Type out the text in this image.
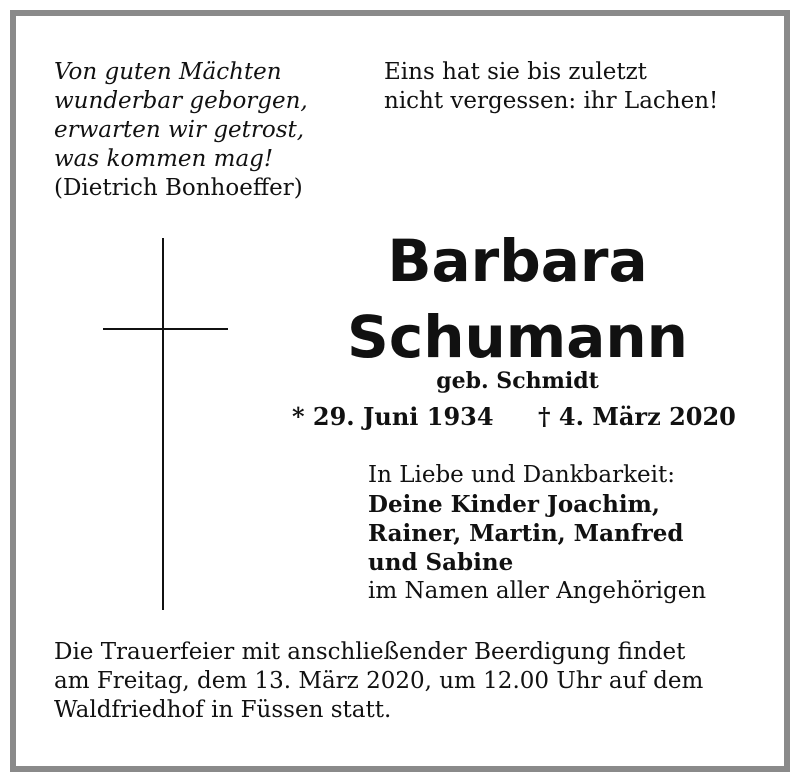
Von guten Mächten
wunderbar geborgen,
erwarten wir getrost,
was kommen mag!
(Dietrich Bonhoeffer)
Eins hat sie bis zuletzt
nicht vergessen: ihr Lachen!
Barbara
Schumann
geb. Schmidt
* 29. Juni 1934 † 4. März 2020
In Liebe und Dankbarkeit:
Deine Kinder Joachim,
Rainer, Martin, Manfred
und Sabine
im Namen aller Angehörigen
Die Trauerfeier mit anschließender Beerdigung findet
am Freitag, dem 13. März 2020, um 12.00 Uhr auf dem
Waldfriedhof in Füssen statt.
